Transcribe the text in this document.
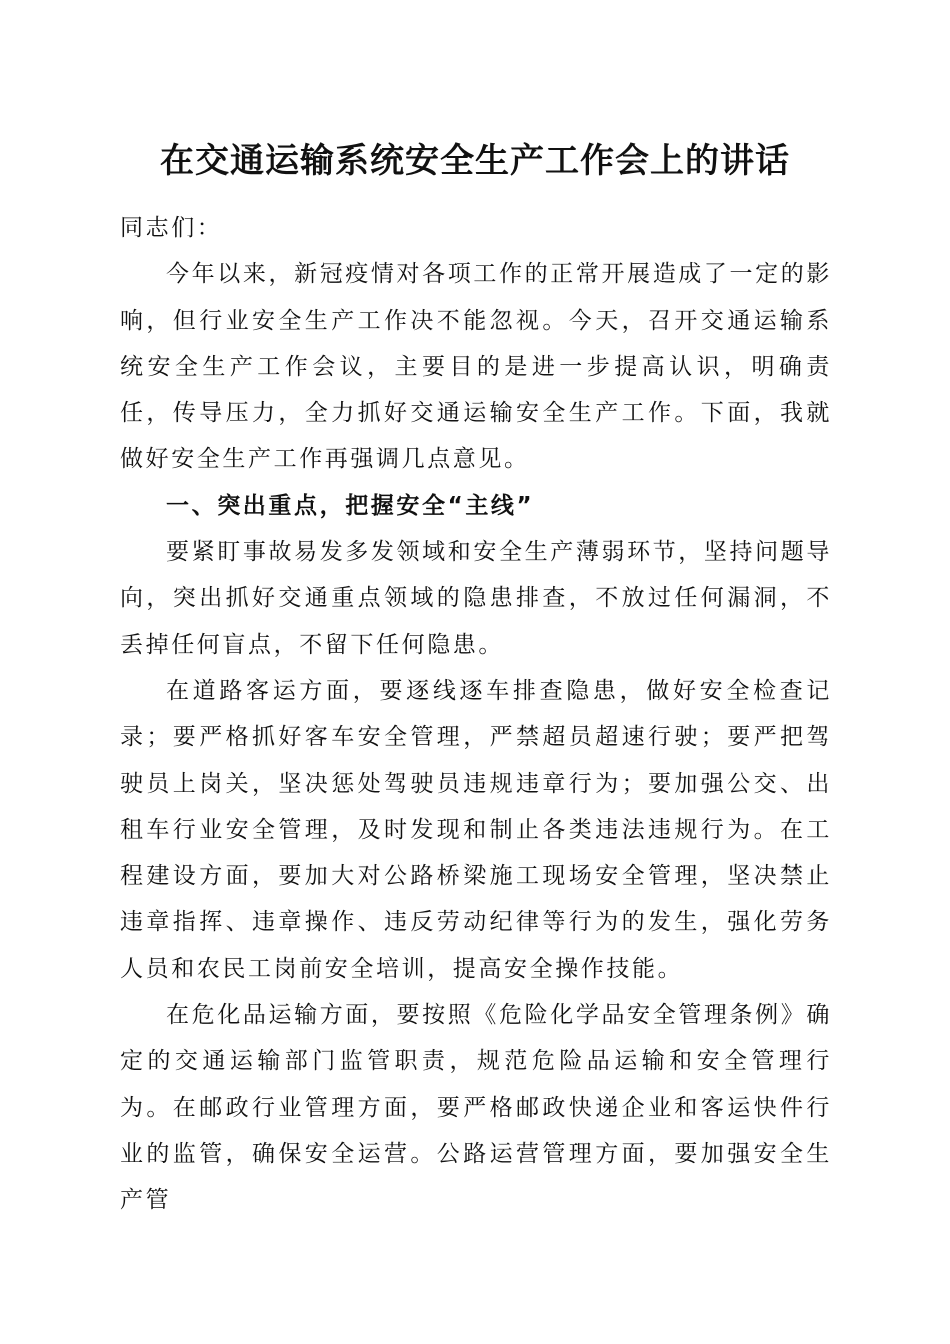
在交通运输系统安全生产工作会上的讲话

同志们：

今年以来，新冠疫情对各项工作的正常开展造成了一定的影响，但行业安全生产工作决不能忽视。今天，召开交通运输系统安全生产工作会议，主要目的是进一步提高认识，明确责任，传导压力，全力抓好交通运输安全生产工作。下面，我就做好安全生产工作再强调几点意见。

一、突出重点，把握安全“主线”

要紧盯事故易发多发领域和安全生产薄弱环节，坚持问题导向，突出抓好交通重点领域的隐患排查，不放过任何漏洞，不丢掉任何盲点，不留下任何隐患。

在道路客运方面，要逐线逐车排查隐患，做好安全检查记录；要严格抓好客车安全管理，严禁超员超速行驶；要严把驾驶员上岗关，坚决惩处驾驶员违规违章行为；要加强公交、出租车行业安全管理，及时发现和制止各类违法违规行为。在工程建设方面，要加大对公路桥梁施工现场安全管理，坚决禁止违章指挥、违章操作、违反劳动纪律等行为的发生，强化劳务人员和农民工岗前安全培训，提高安全操作技能。

在危化品运输方面，要按照《危险化学品安全管理条例》确定的交通运输部门监管职责，规范危险品运输和安全管理行为。在邮政行业管理方面，要严格邮政快递企业和客运快件行业的监管，确保安全运营。公路运营管理方面，要加强安全生产管
